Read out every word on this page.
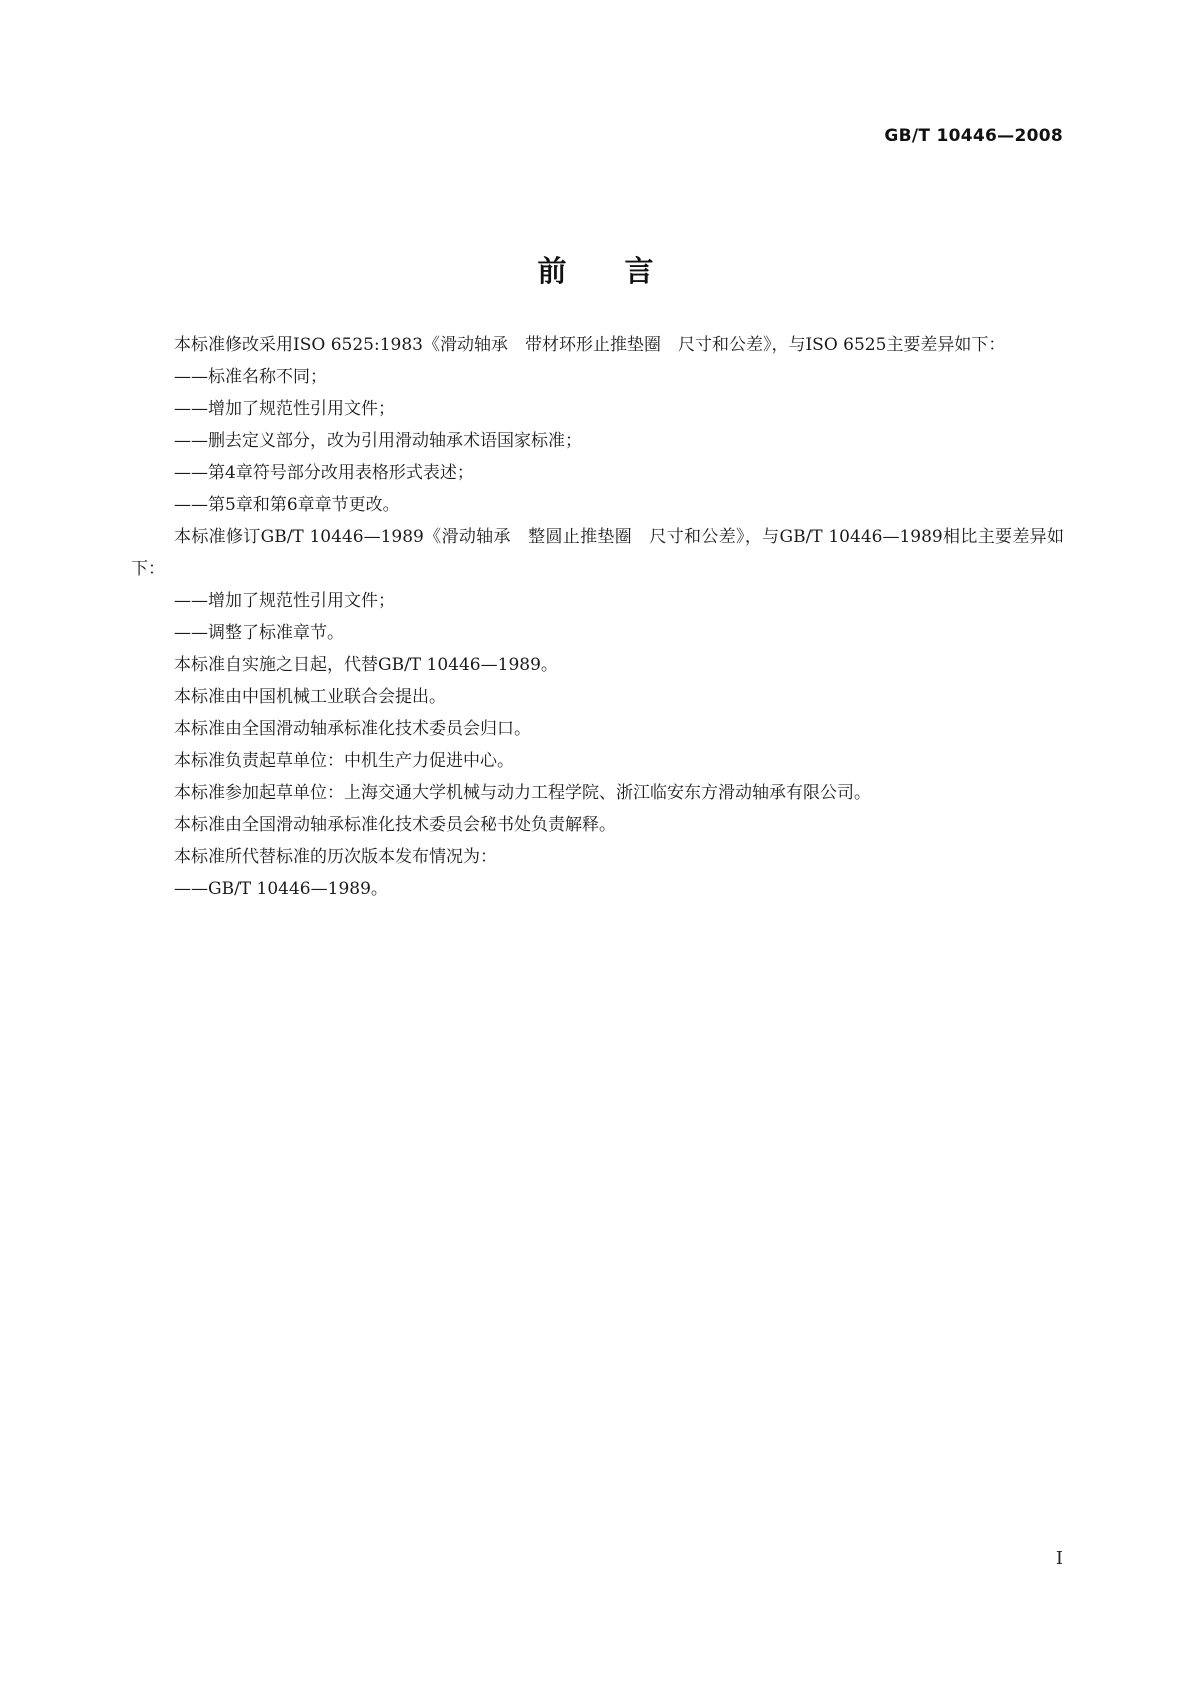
GB/T 10446—2008
前言

本标准修改采用ISO 6525:1983《滑动轴承　带材环形止推垫圈　尺寸和公差》，与ISO 6525主要差异如下：

——标准名称不同；

——增加了规范性引用文件；

——删去定义部分，改为引用滑动轴承术语国家标准；

——第4章符号部分改用表格形式表述；

——第5章和第6章章节更改。

本标准修订GB/T 10446—1989《滑动轴承　整圆止推垫圈　尺寸和公差》，与GB/T 10446—1989相比主要差异如下：

——增加了规范性引用文件；

——调整了标准章节。

本标准自实施之日起，代替GB/T 10446—1989。

本标准由中国机械工业联合会提出。

本标准由全国滑动轴承标准化技术委员会归口。

本标准负责起草单位：中机生产力促进中心。

本标准参加起草单位：上海交通大学机械与动力工程学院、浙江临安东方滑动轴承有限公司。

本标准由全国滑动轴承标准化技术委员会秘书处负责解释。

本标准所代替标准的历次版本发布情况为：

——GB/T 10446—1989。

I
